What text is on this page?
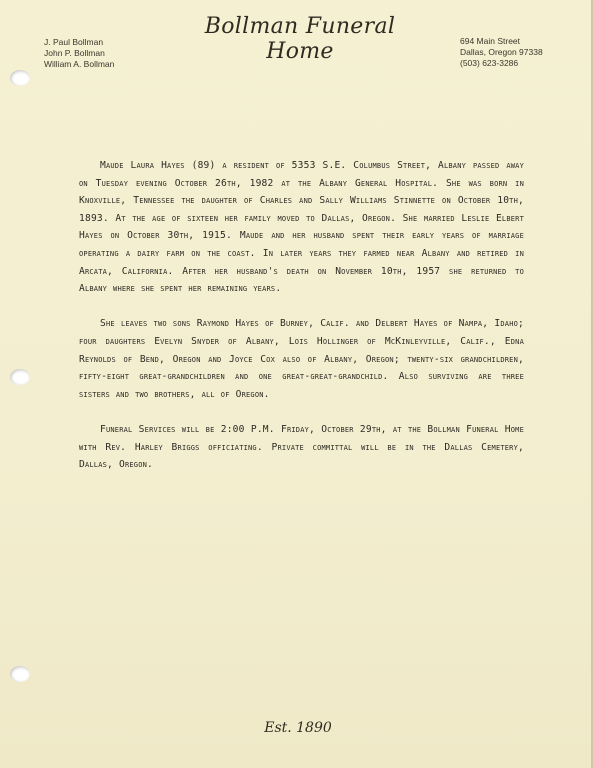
J. Paul Bollman
John P. Bollman
William A. Bollman
Bollman Funeral Home	694 Main Street
Dallas, Oregon 97338
(503) 623-3286

Maude Laura Hayes (89) a resident of 5353 S.E. Columbus Street, Albany passed away on Tuesday evening October 26th, 1982 at the Albany General Hospital. She was born in Knoxville, Tennessee the daughter of Charles and Sally Williams Stinnette on October 10th, 1893. At the age of sixteen her family moved to Dallas, Oregon. She married Leslie Elbert Hayes on October 30th, 1915. Maude and her husband spent their early years of marriage operating a dairy farm on the coast. In later years they farmed near Albany and retired in Arcata, California. After her husband's death on November 10th, 1957 she returned to Albany where she spent her remaining years.

She leaves two sons Raymond Hayes of Burney, Calif. and Delbert Hayes of Nampa, Idaho; four daughters Evelyn Snyder of Albany, Lois Hollinger of McKinleyville, Calif., Edna Reynolds of Bend, Oregon and Joyce Cox also of Albany, Oregon; twenty-six grandchildren, fifty-eight great-grandchildren and one great-great-grandchild. Also surviving are three sisters and two brothers, all of Oregon.

Funeral Services will be 2:00 P.M. Friday, October 29th, at the Bollman Funeral Home with Rev. Harley Briggs officiating. Private committal will be in the Dallas Cemetery, Dallas, Oregon.

Est. 1890
